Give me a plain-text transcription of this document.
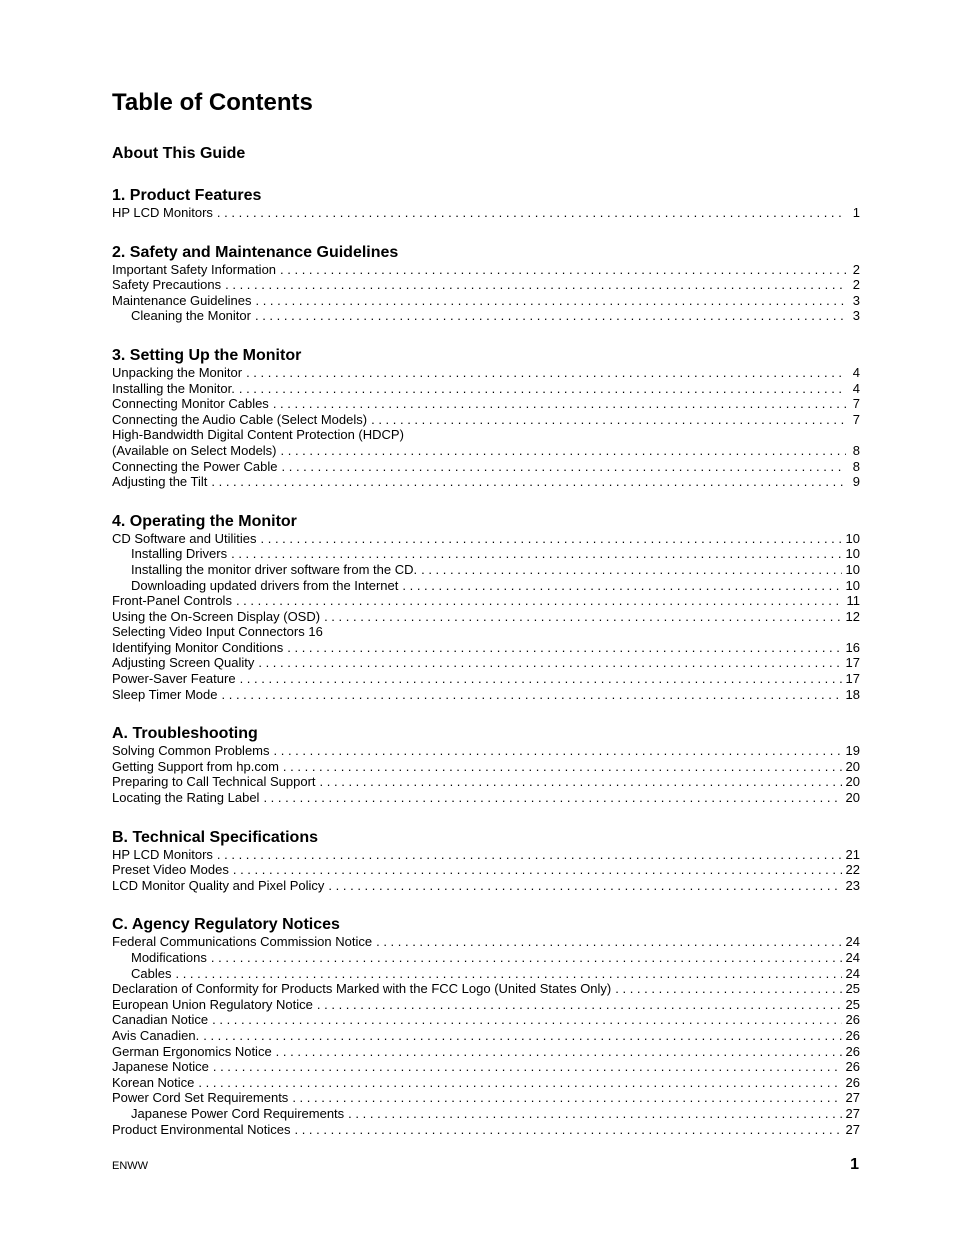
Table of Contents
About This Guide
1. Product Features
HP LCD Monitors . . .	1
2. Safety and Maintenance Guidelines
Important Safety Information . . .	2
Safety Precautions . . .	2
Maintenance Guidelines . . .	3
Cleaning the Monitor . . .	3
3. Setting Up the Monitor
Unpacking the Monitor . . .	4
Installing the Monitor. . . .	4
Connecting Monitor Cables . . .	7
Connecting the Audio Cable (Select Models) . . .	7
High-Bandwidth Digital Content Protection (HDCP)
(Available on Select Models) . . .	8
Connecting the Power Cable . . .	8
Adjusting the Tilt . . .	9
4. Operating the Monitor
CD Software and Utilities . . .	10
Installing Drivers . . .	10
Installing the monitor driver software from the CD. . . .	10
Downloading updated drivers from the Internet . . .	10
Front-Panel Controls . . .	11
Using the On-Screen Display (OSD) . . .	12
Selecting Video Input Connectors 16
Identifying Monitor Conditions . . .	16
Adjusting Screen Quality . . .	17
Power-Saver Feature . . .	17
Sleep Timer Mode . . .	18
A. Troubleshooting
Solving Common Problems . . .	19
Getting Support from hp.com . . .	20
Preparing to Call Technical Support . . .	20
Locating the Rating Label . . .	20
B. Technical Specifications
HP LCD Monitors . . .	21
Preset Video Modes . . .	22
LCD Monitor Quality and Pixel Policy . . .	23
C. Agency Regulatory Notices
Federal Communications Commission Notice . . .	24
Modifications . . .	24
Cables . . .	24
Declaration of Conformity for Products Marked with the FCC Logo (United States Only) . . .	25
European Union Regulatory Notice . . .	25
Canadian Notice . . .	26
Avis Canadien. . . .	26
German Ergonomics Notice . . .	26
Japanese Notice . . .	26
Korean Notice . . .	26
Power Cord Set Requirements . . .	27
Japanese Power Cord Requirements . . .	27
Product Environmental Notices . . .	27
ENWW	1
